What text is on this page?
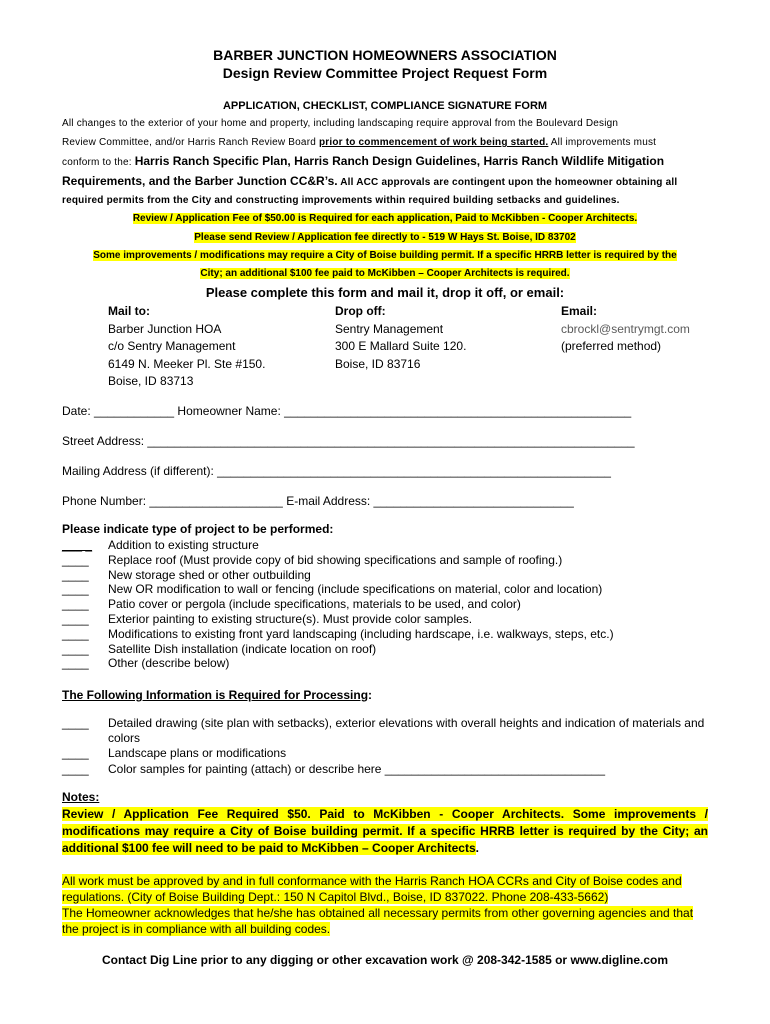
BARBER JUNCTION HOMEOWNERS ASSOCIATION
Design Review Committee Project Request Form
APPLICATION, CHECKLIST, COMPLIANCE SIGNATURE FORM
All changes to the exterior of your home and property, including landscaping require approval from the Boulevard Design
Review Committee, and/or Harris Ranch Review Board prior to commencement of work being started. All improvements must
conform to the: Harris Ranch Specific Plan, Harris Ranch Design Guidelines, Harris Ranch Wildlife Mitigation
Requirements, and the Barber Junction CC&R’s. All ACC approvals are contingent upon the homeowner obtaining all
required permits from the City and constructing improvements within required building setbacks and guidelines.
Review / Application Fee of $50.00 is Required for each application, Paid to McKibben - Cooper Architects.
Please send Review / Application fee directly to - 519 W Hays St. Boise, ID 83702
Some improvements / modifications may require a City of Boise building permit. If a specific HRRB letter is required by the
City; an additional $100 fee paid to McKibben – Cooper Architects is required.
Please complete this form and mail it, drop it off, or email:
Mail to:
Barber Junction HOA
c/o Sentry Management
6149 N. Meeker Pl. Ste #150.
Boise, ID 83713
Drop off:
Sentry Management
300 E Mallard Suite 120.
Boise, ID 83716
Email:
cbrockl@sentrymgt.com
(preferred method)
Date: ____________ Homeowner Name: ____________________________________________________
Street Address: _________________________________________________________________________
Mailing Address (if different): ___________________________________________________________
Phone Number: ____________________ E-mail Address: ______________________________
Please indicate type of project to be performed:
___ _ Addition to existing structure
____ Replace roof (Must provide copy of bid showing specifications and sample of roofing.)
____ New storage shed or other outbuilding
____ New OR modification to wall or fencing (include specifications on material, color and location)
____ Patio cover or pergola (include specifications, materials to be used, and color)
____ Exterior painting to existing structure(s). Must provide color samples.
____ Modifications to existing front yard landscaping (including hardscape, i.e. walkways, steps, etc.)
____ Satellite Dish installation (indicate location on roof)
____ Other (describe below)
The Following Information is Required for Processing:
____ Detailed drawing (site plan with setbacks), exterior elevations with overall heights and indication of materials and colors
____ Landscape plans or modifications
____ Color samples for painting (attach) or describe here _________________________________
Notes:
Review / Application Fee Required $50. Paid to McKibben - Cooper Architects. Some improvements / modifications may require a City of Boise building permit. If a specific HRRB letter is required by the City; an additional $100 fee will need to be paid to McKibben – Cooper Architects.
All work must be approved by and in full conformance with the Harris Ranch HOA CCRs and City of Boise codes and regulations. (City of Boise Building Dept.: 150 N Capitol Blvd., Boise, ID 837022. Phone 208-433-5662)
The Homeowner acknowledges that he/she has obtained all necessary permits from other governing agencies and that the project is in compliance with all building codes.
Contact Dig Line prior to any digging or other excavation work @ 208-342-1585 or www.digline.com
